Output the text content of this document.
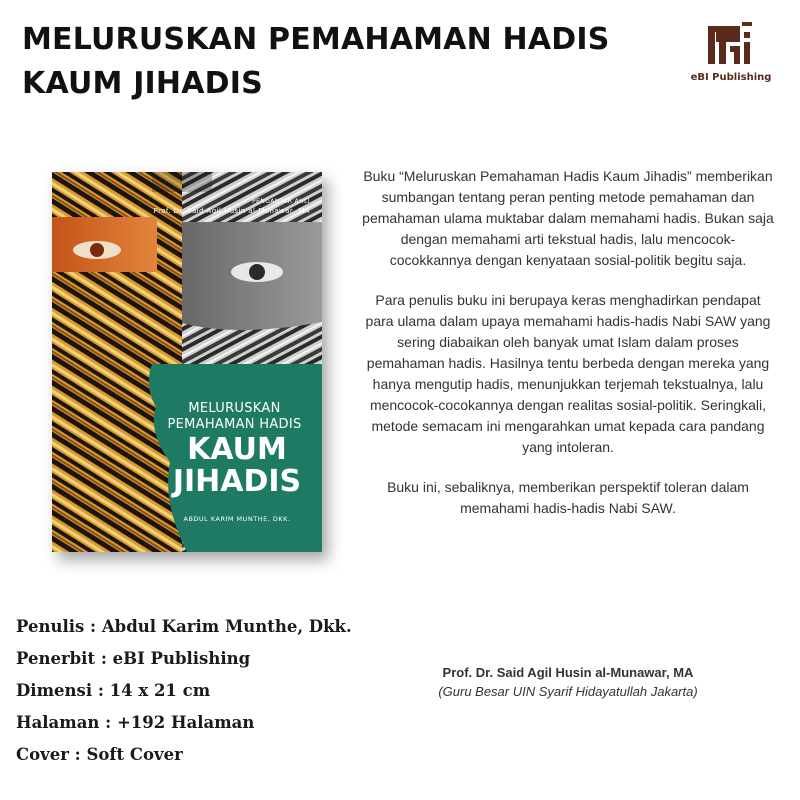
MELURUSKAN PEMAHAMAN HADIS
KAUM JIHADIS	eBI Publishing
PENGANTAR AHLI
Prof. Dr. Said Agil Husin al-Munawar, MA
MELURUSKAN
PEMAHAMAN HADIS
KAUM
JIHADIS
ABDUL KARIM MUNTHE, DKK.

Buku “Meluruskan Pemahaman Hadis Kaum Jihadis” memberikan sumbangan tentang peran penting metode pemahaman dan pemahaman ulama muktabar dalam memahami hadis. Bukan saja dengan memahami arti tekstual hadis, lalu mencocok-cocokkannya dengan kenyataan sosial-politik begitu saja.

Para penulis buku ini berupaya keras menghadirkan pendapat para ulama dalam upaya memahami hadis-hadis Nabi SAW yang sering diabaikan oleh banyak umat Islam dalam proses pemahaman hadis. Hasilnya tentu berbeda dengan mereka yang hanya mengutip hadis, menunjukkan terjemah tekstualnya, lalu mencocok-cocokannya dengan realitas sosial-politik. Seringkali, metode semacam ini mengarahkan umat kepada cara pandang yang intoleran.

Buku ini, sebaliknya, memberikan perspektif toleran dalam memahami hadis-hadis Nabi SAW.

Prof. Dr. Said Agil Husin al-Munawar, MA
(Guru Besar UIN Syarif Hidayatullah Jakarta)
Penulis : Abdul Karim Munthe, Dkk.
Penerbit : eBI Publishing
Dimensi : 14 x 21 cm
Halaman : +192 Halaman
Cover : Soft Cover
